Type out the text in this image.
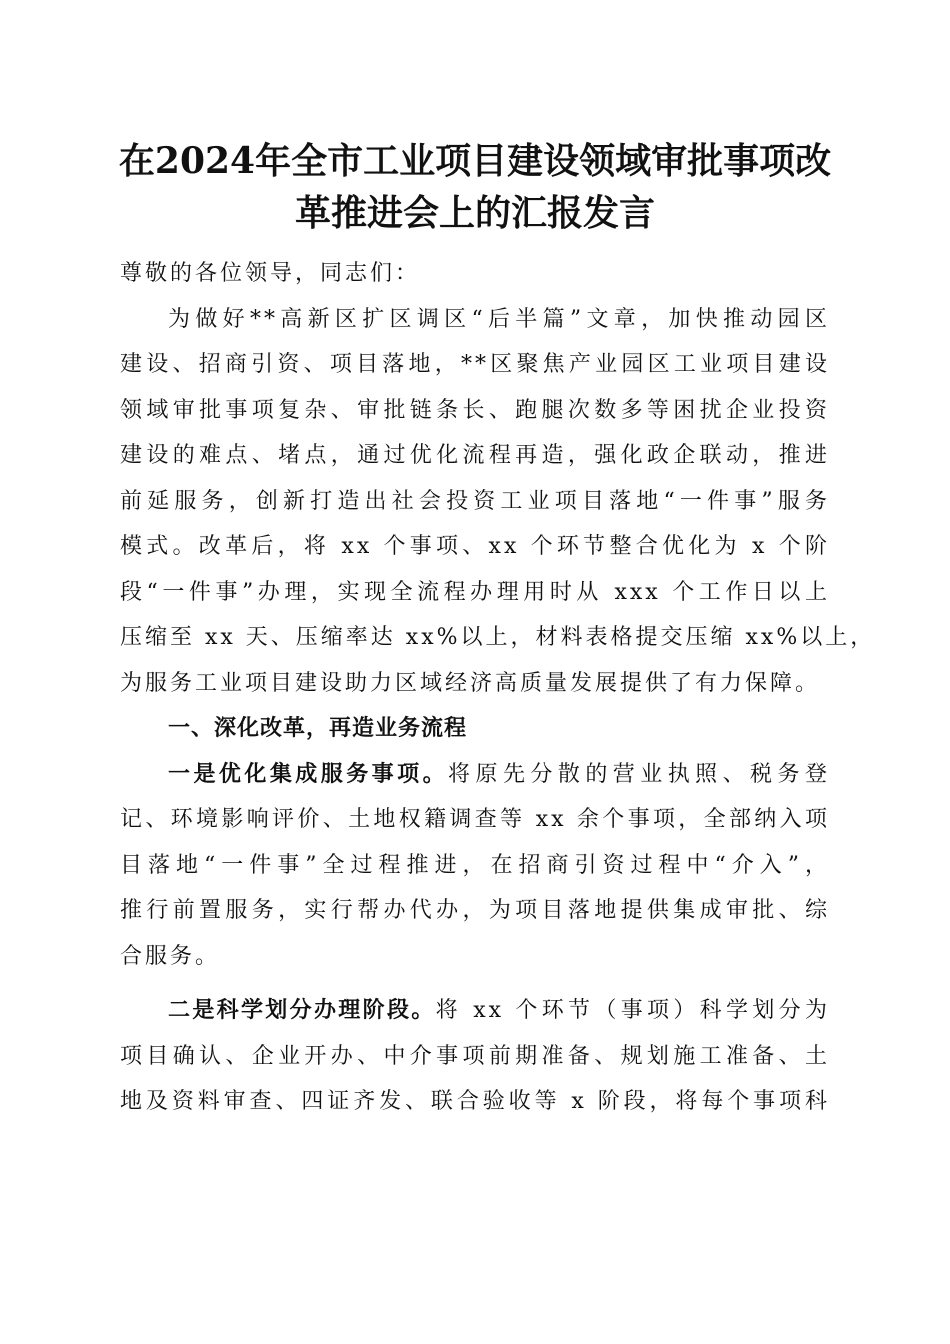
在2024年全市工业项目建设领域审批事项改
革推进会上的汇报发言

尊敬的各位领导，同志们：

为做好**高新区扩区调区“后半篇”文章，加快推动园区

建设、招商引资、项目落地，**区聚焦产业园区工业项目建设

领域审批事项复杂、审批链条长、跑腿次数多等困扰企业投资

建设的难点、堵点，通过优化流程再造，强化政企联动，推进

前延服务，创新打造出社会投资工业项目落地“一件事”服务

模式。改革后，将 xx 个事项、xx 个环节整合优化为 x 个阶

段“一件事”办理，实现全流程办理用时从 xxx 个工作日以上

压缩至 xx 天、压缩率达 xx%以上，材料表格提交压缩 xx%以上，

为服务工业项目建设助力区域经济高质量发展提供了有力保障。

一、深化改革，再造业务流程

一是优化集成服务事项。将原先分散的营业执照、税务登

记、环境影响评价、土地权籍调查等 xx 余个事项，全部纳入项

目落地“一件事”全过程推进，在招商引资过程中“介入”，

推行前置服务，实行帮办代办，为项目落地提供集成审批、综

合服务。

二是科学划分办理阶段。将 xx 个环节（事项）科学划分为

项目确认、企业开办、中介事项前期准备、规划施工准备、土

地及资料审查、四证齐发、联合验收等 x 阶段，将每个事项科
